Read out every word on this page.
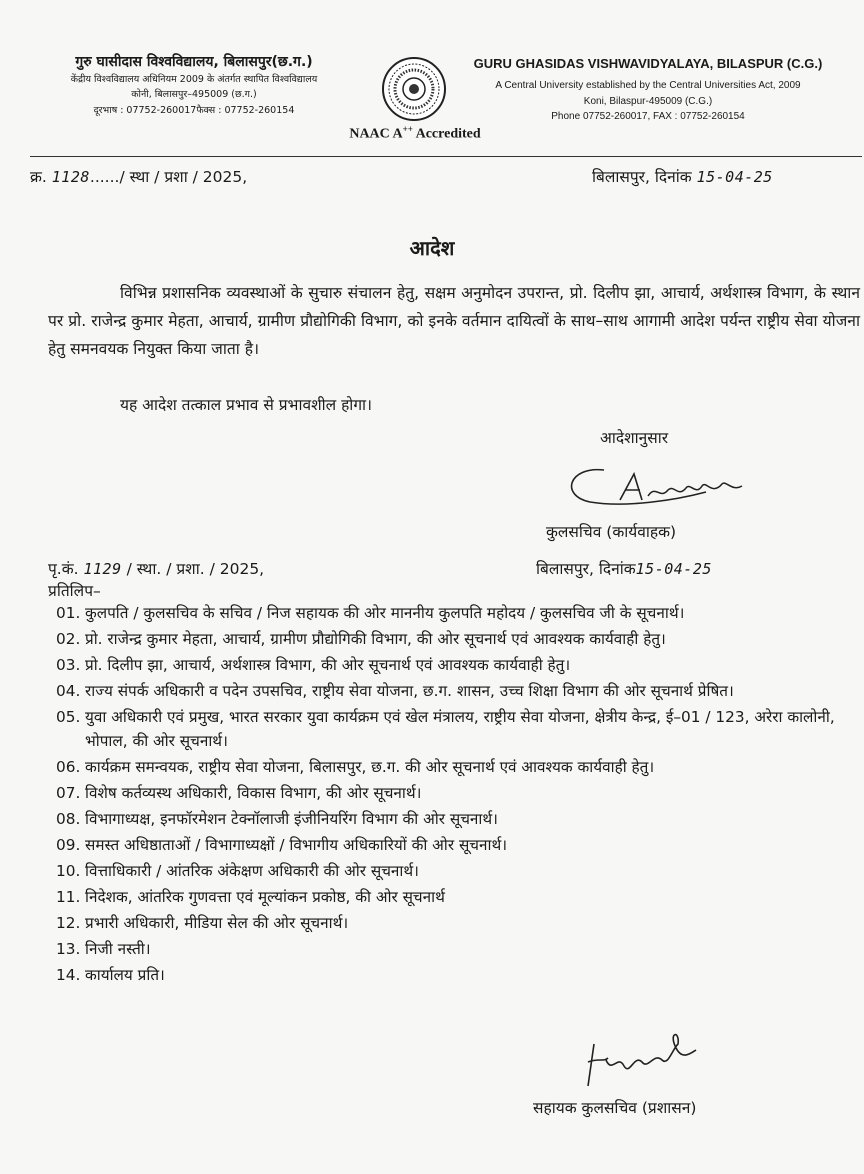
गुरु घासीदास विश्वविद्यालय, बिलासपुर(छ.ग.)
केंद्रीय विश्वविद्यालय अधिनियम 2009 के अंतर्गत स्थापित विश्वविद्यालय
कोनी, बिलासपुर–495009 (छ.ग.)
दूरभाष : 07752-260017फैक्स : 07752-260154
GURU GHASIDAS VISHWAVIDYALAYA, BILASPUR (C.G.)
A Central University established by the Central Universities Act, 2009
Koni, Bilaspur-495009 (C.G.)
Phone 07752-260017, FAX : 07752-260154
NAAC A++ Accredited
क्र. 1128....../ स्था / प्रशा / 2025,	बिलासपुर, दिनांक 15-04-25
आदेश
विभिन्न प्रशासनिक व्यवस्थाओं के सुचारु संचालन हेतु, सक्षम अनुमोदन उपरान्त, प्रो. दिलीप झा, आचार्य, अर्थशास्त्र विभाग, के स्थान पर प्रो. राजेन्द्र कुमार मेहता, आचार्य, ग्रामीण प्रौद्योगिकी विभाग, को इनके वर्तमान दायित्वों के साथ–साथ आगामी आदेश पर्यन्त राष्ट्रीय सेवा योजना हेतु समनवयक नियुक्त किया जाता है।
यह आदेश तत्काल प्रभाव से प्रभावशील होगा।
आदेशानुसार
कुलसचिव (कार्यवाहक)
पृ.कं. 1129 / स्था. / प्रशा. / 2025,	बिलासपुर, दिनांक15-04-25
प्रतिलिप–
01. कुलपति / कुलसचिव के सचिव / निज सहायक की ओर माननीय कुलपति महोदय / कुलसचिव जी के सूचनार्थ।
02. प्रो. राजेन्द्र कुमार मेहता, आचार्य, ग्रामीण प्रौद्योगिकी विभाग, की ओर सूचनार्थ एवं आवश्यक कार्यवाही हेतु।
03. प्रो. दिलीप झा, आचार्य, अर्थशास्त्र विभाग, की ओर सूचनार्थ एवं आवश्यक कार्यवाही हेतु।
04. राज्य संपर्क अधिकारी व पदेन उपसचिव, राष्ट्रीय सेवा योजना, छ.ग. शासन, उच्च शिक्षा विभाग की ओर सूचनार्थ प्रेषित।
05. युवा अधिकारी एवं प्रमुख, भारत सरकार युवा कार्यक्रम एवं खेल मंत्रालय, राष्ट्रीय सेवा योजना, क्षेत्रीय केन्द्र, ई–01 / 123, अरेरा कालोनी, भोपाल, की ओर सूचनार्थ।
06. कार्यक्रम समन्वयक, राष्ट्रीय सेवा योजना, बिलासपुर, छ.ग. की ओर सूचनार्थ एवं आवश्यक कार्यवाही हेतु।
07. विशेष कर्तव्यस्थ अधिकारी, विकास विभाग, की ओर सूचनार्थ।
08. विभागाध्यक्ष, इनफॉरमेशन टेक्नॉलाजी इंजीनियरिंग विभाग की ओर सूचनार्थ।
09. समस्त अधिष्ठाताओं / विभागाध्यक्षों / विभागीय अधिकारियों की ओर सूचनार्थ।
10. वित्ताधिकारी / आंतरिक अंकेक्षण अधिकारी की ओर सूचनार्थ।
11. निदेशक, आंतरिक गुणवत्ता एवं मूल्यांकन प्रकोष्ठ, की ओर सूचनार्थ
12. प्रभारी अधिकारी, मीडिया सेल की ओर सूचनार्थ।
13. निजी नस्ती।
14. कार्यालय प्रति।
सहायक कुलसचिव (प्रशासन)
